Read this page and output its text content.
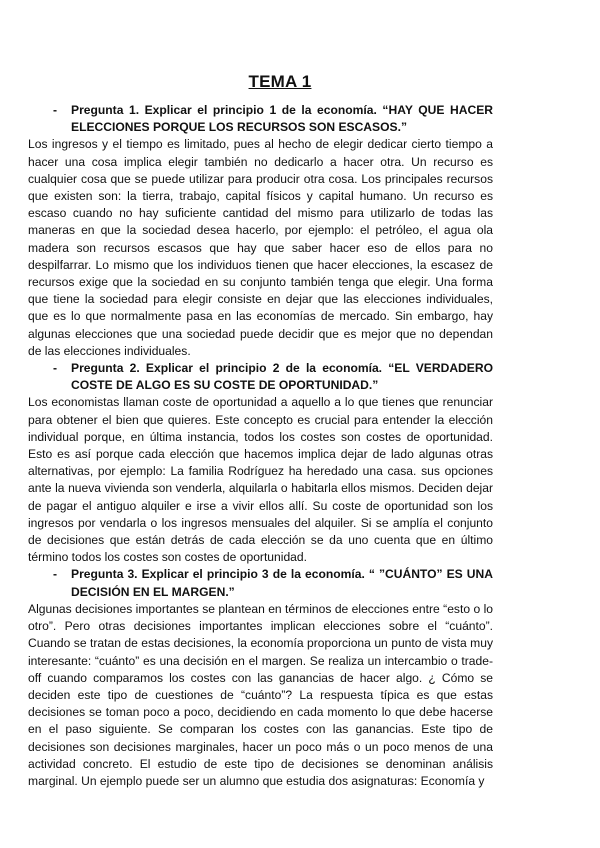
TEMA 1

- Pregunta 1. Explicar el principio 1 de la economía. “HAY QUE HACER ELECCIONES PORQUE LOS RECURSOS SON ESCASOS.”

Los ingresos y el tiempo es limitado, pues al hecho de elegir dedicar cierto tiempo a hacer una cosa implica elegir también no dedicarlo a hacer otra. Un recurso es cualquier cosa que se puede utilizar para producir otra cosa. Los principales recursos que existen son: la tierra, trabajo, capital físicos y capital humano. Un recurso es escaso cuando no hay suficiente cantidad del mismo para utilizarlo de todas las maneras en que la sociedad desea hacerlo, por ejemplo: el petróleo, el agua ola madera son recursos escasos que hay que saber hacer eso de ellos para no despilfarrar. Lo mismo que los individuos tienen que hacer elecciones, la escasez de recursos exige que la sociedad en su conjunto también tenga que elegir. Una forma que tiene la sociedad para elegir consiste en dejar que las elecciones individuales, que es lo que normalmente pasa en las economías de mercado. Sin embargo, hay algunas elecciones que una sociedad puede decidir que es mejor que no dependan de las elecciones individuales.

- Pregunta 2. Explicar el principio 2 de la economía. “EL VERDADERO COSTE DE ALGO ES SU COSTE DE OPORTUNIDAD.”

Los economistas llaman coste de oportunidad a aquello a lo que tienes que renunciar para obtener el bien que quieres. Este concepto es crucial para entender la elección individual porque, en última instancia, todos los costes son costes de oportunidad. Esto es así porque cada elección que hacemos implica dejar de lado algunas otras alternativas, por ejemplo: La familia Rodríguez ha heredado una casa. sus opciones ante la nueva vivienda son venderla, alquilarla o habitarla ellos mismos. Deciden dejar de pagar el antiguo alquiler e irse a vivir ellos allí. Su coste de oportunidad son los ingresos por vendarla o los ingresos mensuales del alquiler. Si se amplía el conjunto de decisiones que están detrás de cada elección se da uno cuenta que en último término todos los costes son costes de oportunidad.

- Pregunta 3. Explicar el principio 3 de la economía. “ ”CUÁNTO” ES UNA DECISIÓN EN EL MARGEN.”

Algunas decisiones importantes se plantean en términos de elecciones entre “esto o lo otro”. Pero otras decisiones importantes implican elecciones sobre el “cuánto”. Cuando se tratan de estas decisiones, la economía proporciona un punto de vista muy interesante: “cuánto” es una decisión en el margen. Se realiza un intercambio o trade-off cuando comparamos los costes con las ganancias de hacer algo. ¿ Cómo se deciden este tipo de cuestiones de “cuánto”? La respuesta típica es que estas decisiones se toman poco a poco, decidiendo en cada momento lo que debe hacerse en el paso siguiente. Se comparan los costes con las ganancias. Este tipo de decisiones son decisiones marginales, hacer un poco más o un poco menos de una actividad concreto. El estudio de este tipo de decisiones se denominan análisis marginal. Un ejemplo puede ser un alumno que estudia dos asignaturas: Economía y
